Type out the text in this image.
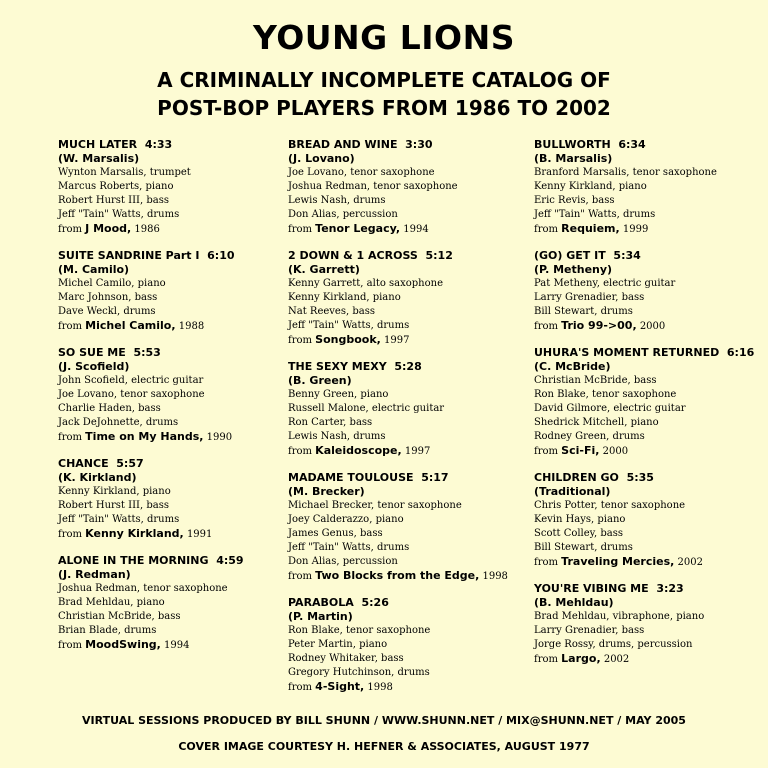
YOUNG LIONS
A CRIMINALLY INCOMPLETE CATALOG OF
POST-BOP PLAYERS FROM 1986 TO 2002
MUCH LATER 4:33
(W. Marsalis)
Wynton Marsalis, trumpet
Marcus Roberts, piano
Robert Hurst III, bass
Jeff "Tain" Watts, drums
from J Mood, 1986
SUITE SANDRINE Part I 6:10
(M. Camilo)
Michel Camilo, piano
Marc Johnson, bass
Dave Weckl, drums
from Michel Camilo, 1988
SO SUE ME 5:53
(J. Scofield)
John Scofield, electric guitar
Joe Lovano, tenor saxophone
Charlie Haden, bass
Jack DeJohnette, drums
from Time on My Hands, 1990
CHANCE 5:57
(K. Kirkland)
Kenny Kirkland, piano
Robert Hurst III, bass
Jeff "Tain" Watts, drums
from Kenny Kirkland, 1991
ALONE IN THE MORNING 4:59
(J. Redman)
Joshua Redman, tenor saxophone
Brad Mehldau, piano
Christian McBride, bass
Brian Blade, drums
from MoodSwing, 1994
BREAD AND WINE 3:30
(J. Lovano)
Joe Lovano, tenor saxophone
Joshua Redman, tenor saxophone
Lewis Nash, drums
Don Alias, percussion
from Tenor Legacy, 1994
2 DOWN & 1 ACROSS 5:12
(K. Garrett)
Kenny Garrett, alto saxophone
Kenny Kirkland, piano
Nat Reeves, bass
Jeff "Tain" Watts, drums
from Songbook, 1997
THE SEXY MEXY 5:28
(B. Green)
Benny Green, piano
Russell Malone, electric guitar
Ron Carter, bass
Lewis Nash, drums
from Kaleidoscope, 1997
MADAME TOULOUSE 5:17
(M. Brecker)
Michael Brecker, tenor saxophone
Joey Calderazzo, piano
James Genus, bass
Jeff "Tain" Watts, drums
Don Alias, percussion
from Two Blocks from the Edge, 1998
PARABOLA 5:26
(P. Martin)
Ron Blake, tenor saxophone
Peter Martin, piano
Rodney Whitaker, bass
Gregory Hutchinson, drums
from 4-Sight, 1998
BULLWORTH 6:34
(B. Marsalis)
Branford Marsalis, tenor saxophone
Kenny Kirkland, piano
Eric Revis, bass
Jeff "Tain" Watts, drums
from Requiem, 1999
(GO) GET IT 5:34
(P. Metheny)
Pat Metheny, electric guitar
Larry Grenadier, bass
Bill Stewart, drums
from Trio 99->00, 2000
UHURA'S MOMENT RETURNED 6:16
(C. McBride)
Christian McBride, bass
Ron Blake, tenor saxophone
David Gilmore, electric guitar
Shedrick Mitchell, piano
Rodney Green, drums
from Sci-Fi, 2000
CHILDREN GO 5:35
(Traditional)
Chris Potter, tenor saxophone
Kevin Hays, piano
Scott Colley, bass
Bill Stewart, drums
from Traveling Mercies, 2002
YOU'RE VIBING ME 3:23
(B. Mehldau)
Brad Mehldau, vibraphone, piano
Larry Grenadier, bass
Jorge Rossy, drums, percussion
from Largo, 2002
VIRTUAL SESSIONS PRODUCED BY BILL SHUNN / WWW.SHUNN.NET / MIX@SHUNN.NET / MAY 2005
COVER IMAGE COURTESY H. HEFNER & ASSOCIATES, AUGUST 1977
